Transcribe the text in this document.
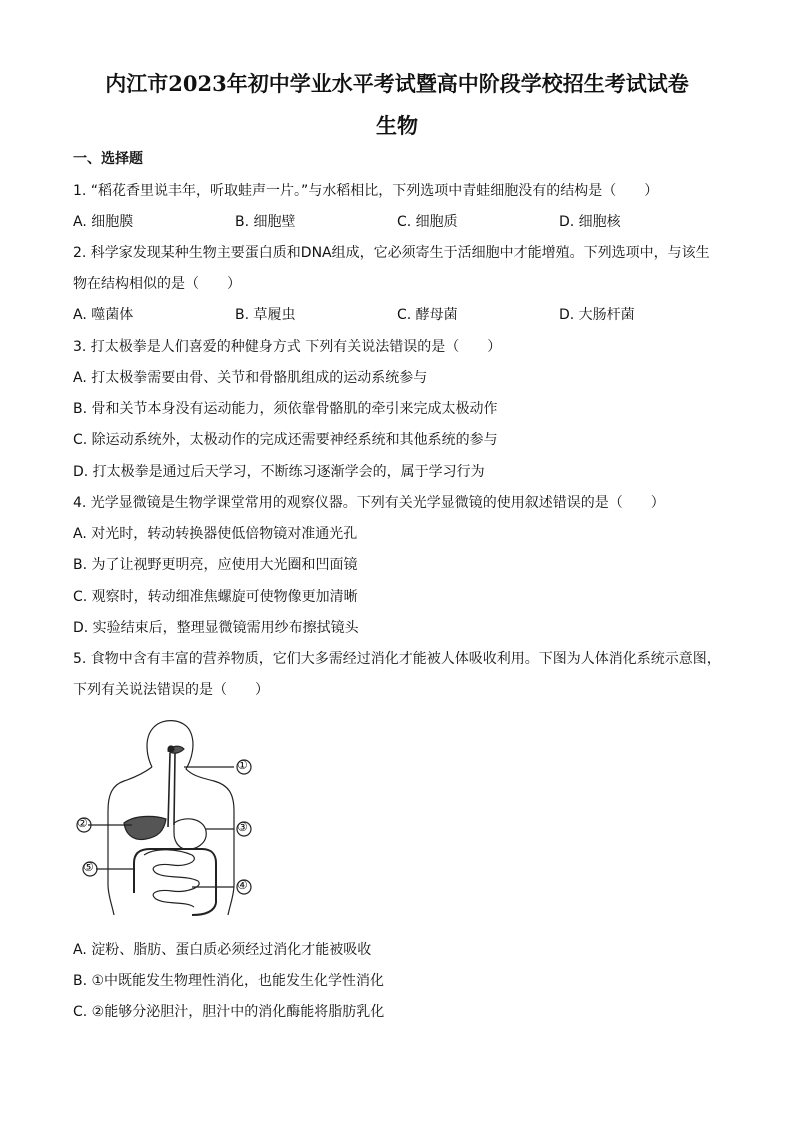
内江市2023年初中学业水平考试暨高中阶段学校招生考试试卷
生物
一、选择题
1. “稻花香里说丰年，听取蛙声一片。”与水稻相比，下列选项中青蛙细胞没有的结构是（　　）
A. 细胞膜	B. 细胞壁	C. 细胞质	D. 细胞核
2. 科学家发现某种生物主要蛋白质和DNA组成，它必须寄生于活细胞中才能增殖。下列选项中，与该生
物在结构相似的是（　　）
A. 噬菌体	B. 草履虫	C. 酵母菌	D. 大肠杆菌
3. 打太极拳是人们喜爱的种健身方式 下列有关说法错误的是（　　）
A. 打太极拳需要由骨、关节和骨骼肌组成的运动系统参与
B. 骨和关节本身没有运动能力，须依靠骨骼肌的牵引来完成太极动作
C. 除运动系统外，太极动作的完成还需要神经系统和其他系统的参与
D. 打太极拳是通过后天学习，不断练习逐渐学会的，属于学习行为
4. 光学显微镜是生物学课堂常用的观察仪器。下列有关光学显微镜的使用叙述错误的是（　　）
A. 对光时，转动转换器使低倍物镜对准通光孔
B. 为了让视野更明亮，应使用大光圈和凹面镜
C. 观察时，转动细准焦螺旋可使物像更加清晰
D. 实验结束后，整理显微镜需用纱布擦拭镜头
5. 食物中含有丰富的营养物质，它们大多需经过消化才能被人体吸收利用。下图为人体消化系统示意图，
下列有关说法错误的是（　　）
①
②	③
④
⑤
A. 淀粉、脂肪、蛋白质必须经过消化才能被吸收
B. ①中既能发生物理性消化，也能发生化学性消化
C. ②能够分泌胆汁，胆汁中的消化酶能将脂肪乳化
